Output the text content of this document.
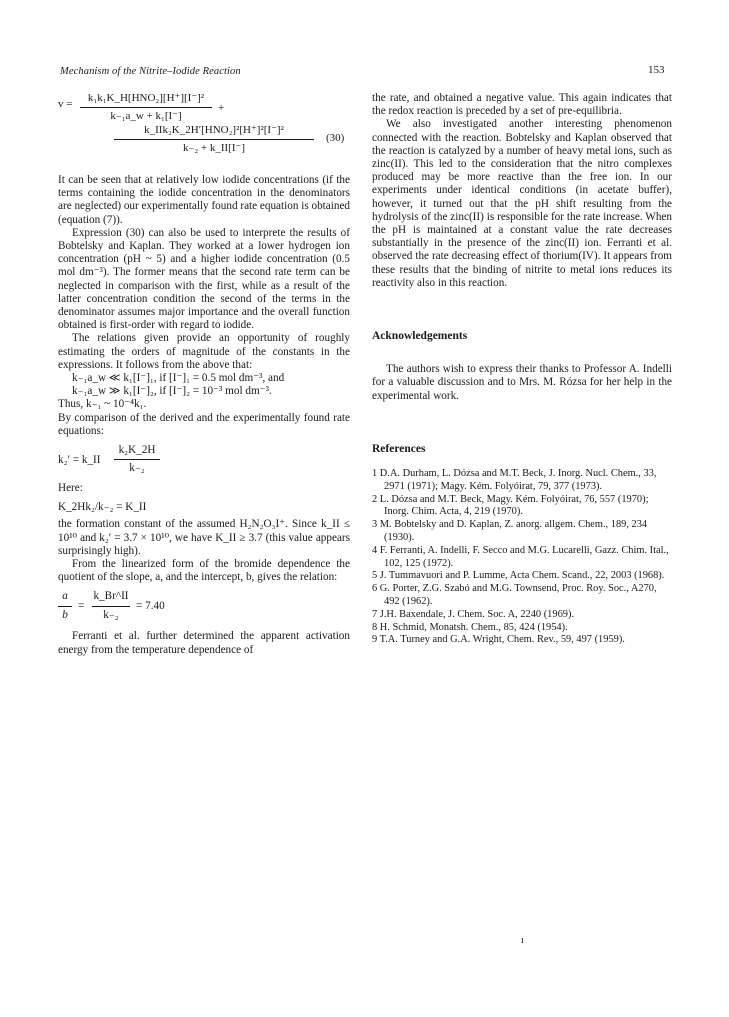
Mechanism of the Nitrite–Iodide Reaction	153
v =	k₁k₁K_H[HNO₂][H⁺][I⁻]²
k₋₁a_w + k₁[I⁻]
+
k_IIk₂K_2H′[HNO₂]²[H⁺]²[I⁻]²
k₋₂ + k_II[I⁻]
(30)

It can be seen that at relatively low iodide concentrations (if the terms containing the iodide concentration in the denominators are neglected) our experimentally found rate equation is obtained (equation (7)).

Expression (30) can also be used to interprete the results of Bobtelsky and Kaplan. They worked at a lower hydrogen ion concentration (pH ~ 5) and a higher iodide concentration (0.5 mol dm⁻³). The former means that the second rate term can be neglected in comparison with the first, while as a result of the latter concentration condition the second of the terms in the denominator assumes major importance and the overall function obtained is first-order with regard to iodide.

The relations given provide an opportunity of roughly estimating the orders of magnitude of the constants in the expressions. It follows from the above that:

k₋₁a_w ≪ k₁[I⁻]₁, if [I⁻]₁ = 0.5 mol dm⁻³, and

k₋₁a_w ≫ k₁[I⁻]₂, if [I⁻]₂ = 10⁻³ mol dm⁻³.

Thus, k₋₁ ~ 10⁻⁴k₁.

By comparison of the derived and the experimentally found rate equations:

k₂′ = k_II $\frac{\text{k₂K\_2H}}{\text{k₋₂}}$

Here:

K_2Hk₂/k₋₂ = K_II

the formation constant of the assumed H₂N₂O₃I⁺. Since k_II ≤ 10¹⁰ and k₂′ = 3.7 × 10¹⁰, we have K_II ≥ 3.7 (this value appears surprisingly high).

From the linearized form of the bromide dependence the quotient of the slope, a, and the intercept, b, gives the relation:

$\frac{a}{b} = \frac{k\_Br\^{}II}{\text{k₋₂}} = 7.40$

Ferranti et al. further determined the apparent activation energy from the temperature dependence of

the rate, and obtained a negative value. This again indicates that the redox reaction is preceded by a set of pre-equilibria.

We also investigated another interesting phenomenon connected with the reaction. Bobtelsky and Kaplan observed that the reaction is catalyzed by a number of heavy metal ions, such as zinc(II). This led to the consideration that the nitro complexes produced may be more reactive than the free ion. In our experiments under identical conditions (in acetate buffer), however, it turned out that the pH shift resulting from the hydrolysis of the zinc(II) is responsible for the rate increase. When the pH is maintained at a constant value the rate decreases substantially in the presence of the zinc(II) ion. Ferranti et al. observed the rate decreasing effect of thorium(IV). It appears from these results that the binding of nitrite to metal ions reduces its reactivity also in this reaction.

Acknowledgements

The authors wish to express their thanks to Professor A. Indelli for a valuable discussion and to Mrs. M. Rózsa for her help in the experimental work.

References

1 D.A. Durham, L. Dózsa and M.T. Beck, J. Inorg. Nucl. Chem., 33, 2971 (1971); Magy. Kém. Folyóirat, 79, 377 (1973).

2 L. Dózsa and M.T. Beck, Magy. Kém. Folyóirat, 76, 557 (1970); Inorg. Chim. Acta, 4, 219 (1970).

3 M. Bobtelsky and D. Kaplan, Z. anorg. allgem. Chem., 189, 234 (1930).

4 F. Ferranti, A. Indelli, F. Secco and M.G. Lucarelli, Gazz. Chim. Ital., 102, 125 (1972).

5 J. Tummavuori and P. Lumme, Acta Chem. Scand., 22, 2003 (1968).

6 G. Porter, Z.G. Szabó and M.G. Townsend, Proc. Roy. Soc., A270, 492 (1962).

7 J.H. Baxendale, J. Chem. Soc. A, 2240 (1969).

8 H. Schmid, Monatsh. Chem., 85, 424 (1954).

9 T.A. Turney and G.A. Wright, Chem. Rev., 59, 497 (1959).

ı
